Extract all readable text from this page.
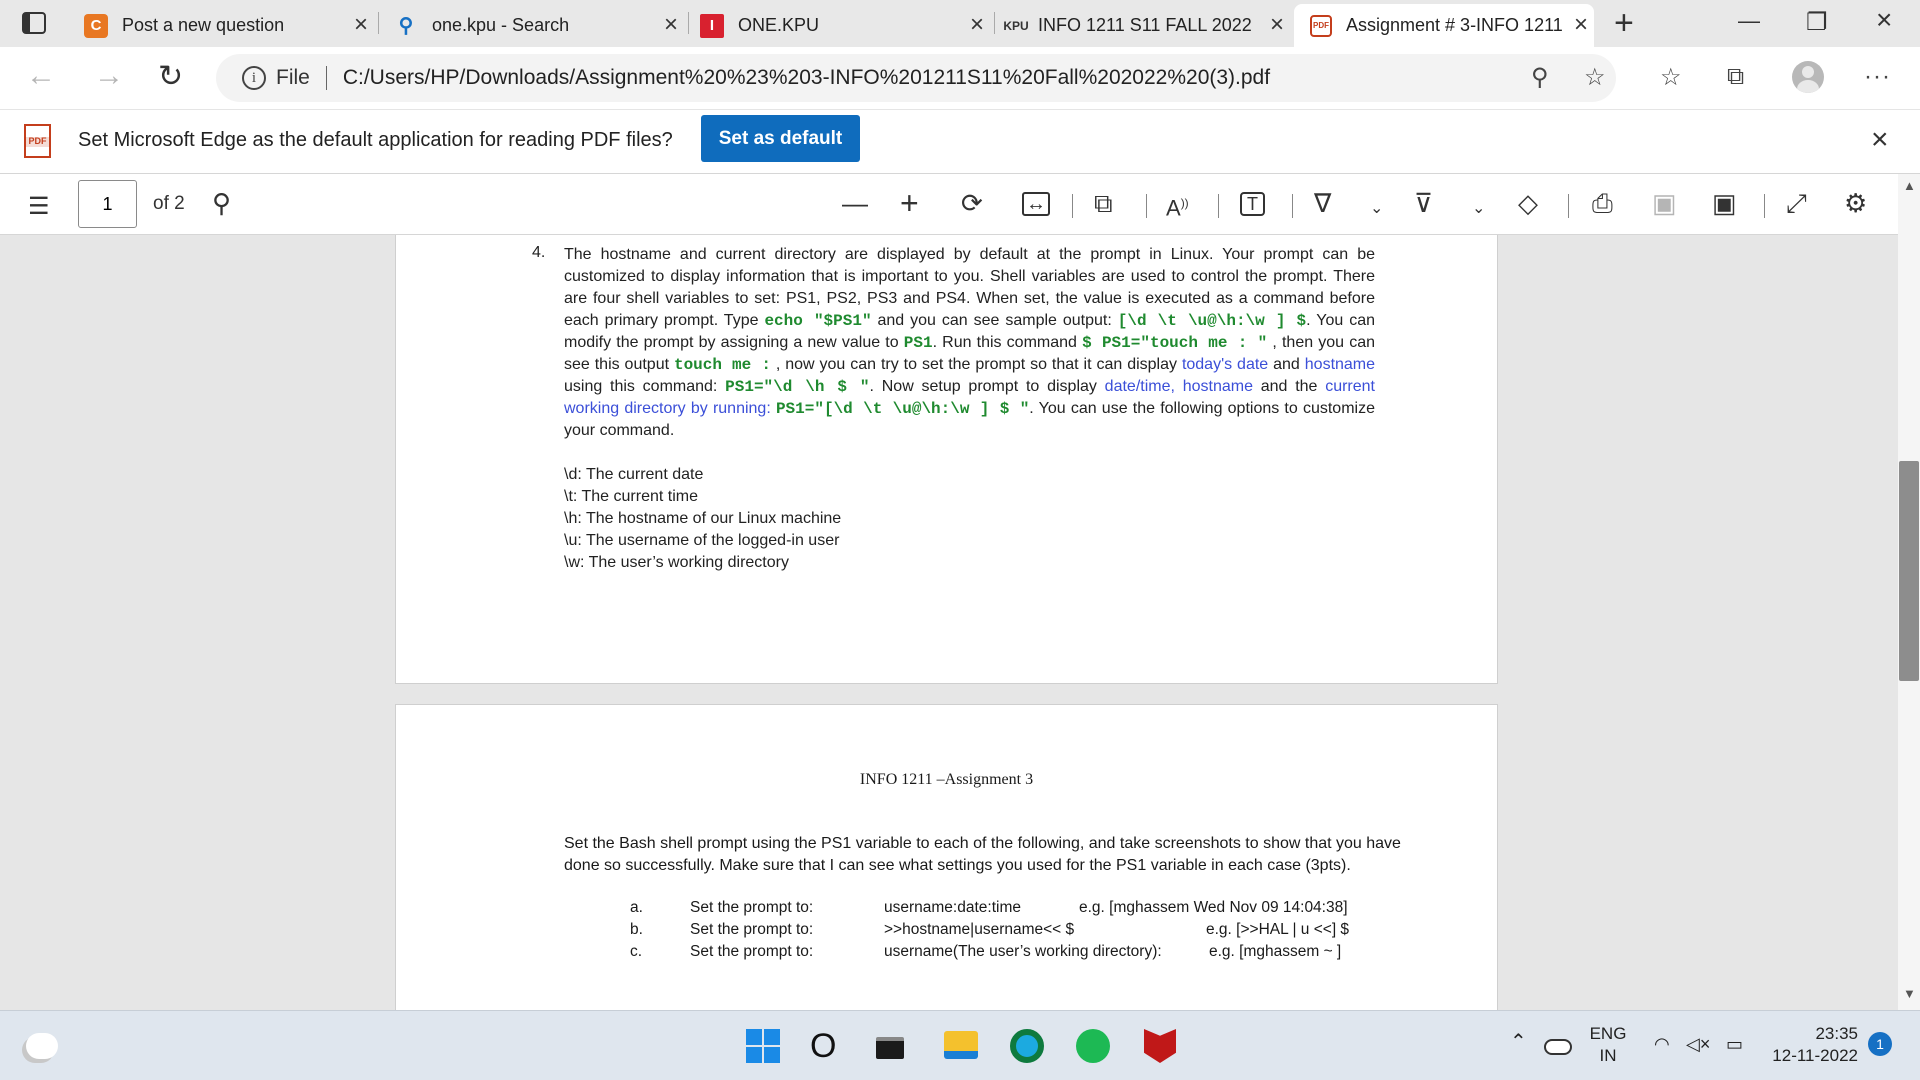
C	Post a new question	× ⚲ one.kpu - Search	×	I	ONE.KPU	× KPU INFO 1211 S11 FALL 2022 ×	PDF Assignment # 3-INFO 1211 × +	— ❐ ×
← → ↻	i File C:/Users/HP/Downloads/Assignment%20%23%203-INFO%201211S11%20Fall%202022%20(3).pdf	⚲ ☆ ☆ ⧉	···
PDF Set Microsoft Edge as the default application for reading PDF files?	Set as default	×
☰
1	of 2 ⚲	— + ⟳ ↔ ⧉ A))	T ∇ ⌄ ⊽ ⌄ ◇ ⎙ ▣ ▣ ⤢ ⚙
4. The hostname and current directory are displayed by default at the prompt in Linux. Your prompt can be customized to display information that is important to you. Shell variables are used to control the prompt. There are four shell variables to set: PS1, PS2, PS3 and PS4. When set, the value is executed as a command before each primary prompt. Type echo "$PS1" and you can see sample output: [\d \t \u@\h:\w ] $. You can modify the prompt by assigning a new value to PS1. Run this command $ PS1="touch me : " , then you can see this output touch me : , now you can try to set the prompt so that it can display today's date and hostname using this command: PS1="\d \h $ ". Now setup prompt to display date/time, hostname and the current working directory by running: PS1="[\d \t \u@\h:\w ] $ ". You can use the following options to customize your command.
\d: The current date
\t: The current time
\h: The hostname of our Linux machine
\u: The username of the logged-in user
\w: The user’s working directory
INFO 1211 –Assignment 3
Set the Bash shell prompt using the PS1 variable to each of the following, and take screenshots to show that you have done so successfully. Make sure that I can see what settings you used for the PS1 variable in each case (3pts).
a.	Set the prompt to:	username:date:time	e.g. [mghassem Wed Nov 09 14:04:38]
b.	Set the prompt to:	>>hostname|username<< $	e.g. [>>HAL | u <<] $
c.	Set the prompt to:	username(The user’s working directory):	e.g. [mghassem ~ ]
▲
▼
O	⌃	ENG
IN
◠ ◁× ▭
23:35
12-11-2022
1
